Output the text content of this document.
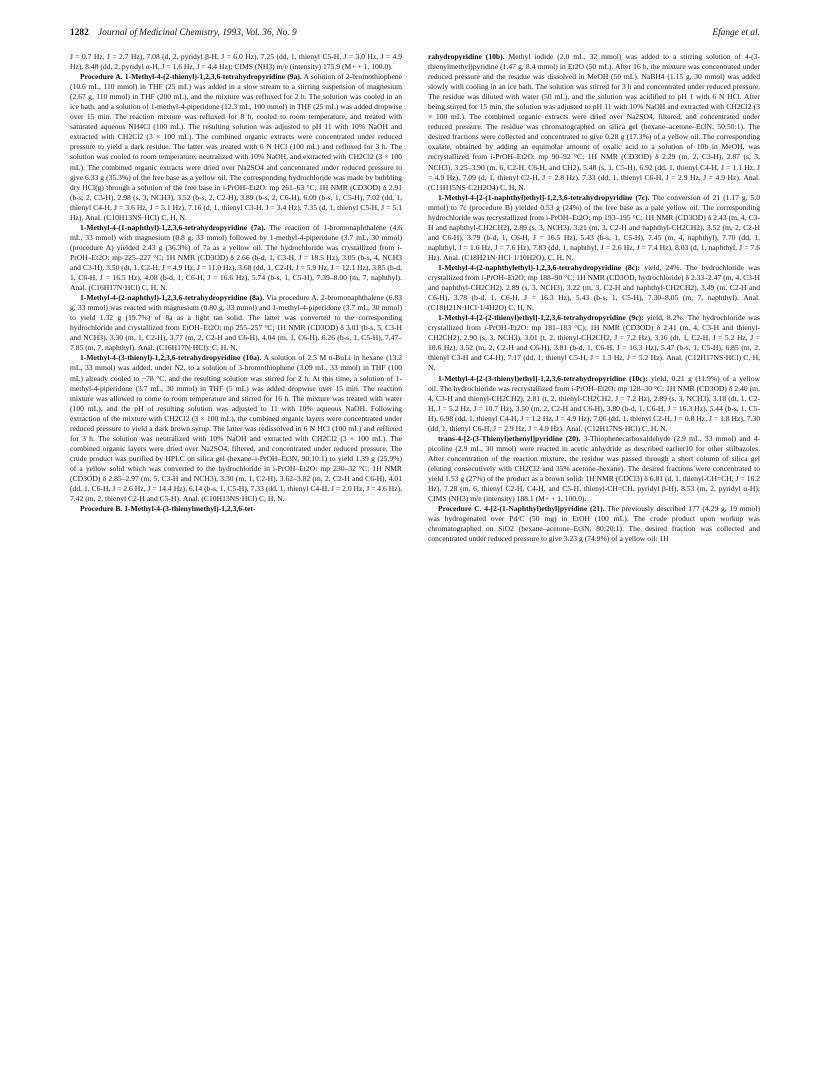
1282 Journal of Medicinal Chemistry, 1993, Vol. 36, No. 9	Efange et al.

J = 0.7 Hz, J = 2.7 Hz), 7.08 (d, 2, pyridyl β-H, J = 6.0 Hz), 7.25 (dd, 1, thienyl C5-H, J = 3.0 Hz, J = 4.9 Hz), 8.48 (dd, 2, pyridyl α-H, J = 1.6 Hz, J = 4.4 Hz); CIMS (NH3) m/e (intensity) 175.9 (M+ + 1, 100.0).

Procedure A. 1-Methyl-4-(2-thienyl)-1,2,3,6-tetrahydropyridine (9a). A solution of 2-bromothiophene (10.6 mL, 110 mmol) in THF (25 mL) was added in a slow stream to a stirring suspension of magnesium (2.67 g, 110 mmol) in THF (200 mL), and the mixture was refluxed for 2 h. The solution was cooled in an ice bath, and a solution of 1-methyl-4-piperidone (12.3 mL, 100 mmol) in THF (25 mL) was added dropwise over 15 min. The reaction mixture was refluxed for 8 h, cooled to room temperature, and treated with saturated aqueous NH4Cl (100 mL). The resulting solution was adjusted to pH 11 with 10% NaOH and extracted with CH2Cl2 (3 × 100 mL). The combined organic extracts were concentrated under reduced pressure to yield a dark residue. The latter was treated with 6 N HCl (100 mL) and refluxed for 3 h. The solution was cooled to room temperature, neutralized with 10% NaOH, and extracted with CH2Cl2 (3 × 100 mL). The combined organic extracts were dried over Na2SO4 and concentrated under reduced pressure to give 6.33 g (35.3%) of the free base as a yellow oil. The corresponding hydrochloride was made by bubbling dry HCl(g) through a solution of the free base in i-PrOH–Et2O: mp 261–63 °C; 1H NMR (CD3OD) δ 2.91 (b-s, 2, C3-H), 2.98 (s, 3, NCH3), 3.52 (b-s, 2, C2-H), 3.89 (b-s, 2, C6-H), 6.09 (b-s, 1, C5-H), 7.02 (dd, 1, thienyl C4-H, J = 3.6 Hz, J = 5.1 Hz), 7.16 (d, 1, thienyl C3-H, J = 3.4 Hz), 7.35 (d, 1, thienyl C5-H, J = 5.1 Hz). Anal. (C10H13NS·HCl) C, H, N.

1-Methyl-4-(1-naphthyl)-1,2,3,6-tetrahydropyridine (7a). The reaction of 1-bromonaphthalene (4.6 mL, 33 mmol) with magnesium (0.8 g, 33 mmol) followed by 1-methyl-4-piperidone (3.7 mL, 30 mmol) (procedure A) yielded 2.43 g (36.3%) of 7a as a yellow oil. The hydrochloride was crystallized from i-PrOH–Et2O: mp 225–227 °C; 1H NMR (CD3OD) δ 2.66 (b-d, 1, C3-H, J = 18.5 Hz), 3.05 (b-s, 4, NCH3 and C3-H), 3.50 (dt, 1, C2-H, J = 4.9 Hz, J = 11.0 Hz), 3.68 (dd, 1, C2-H, J = 5.9 Hz, J = 12.1 Hz), 3.85 (b-d, 1, C6-H, J = 16.5 Hz), 4.08 (b-d, 1, C6-H, J = 16.6 Hz), 5.74 (b-s, 1, C5-H), 7.39–8.00 (m, 7, naphthyl). Anal. (C16H17N·HCl) C, H, N.

1-Methyl-4-(2-naphthyl)-1,2,3,6-tetrahydropyridine (8a). Via procedure A, 2-bromonaphthalene (6.83 g, 33 mmol) was reacted with magnesium (0.80 g, 33 mmol) and 1-methyl-4-piperidone (3.7 mL, 30 mmol) to yield 1.32 g (19.7%) of 8a as a light tan solid. The latter was converted to the corresponding hydrochloride and crystallized from EtOH–Et2O: mp 255–257 °C; 1H NMR (CD3OD) δ 3.01 (b-s, 5, C3-H and NCH3), 3.30 (m, 1, C2-H), 3.77 (m, 2, C2-H and C6-H), 4.04 (m, 1, C6-H), 6.26 (b-s, 1, C5-H), 7.47–7.85 (m, 7, naphthyl). Anal. (C16H17N·HCl): C, H, N.

1-Methyl-4-(3-thienyl)-1,2,3,6-tetrahydropyridine (10a). A solution of 2.5 M n-BuLi in hexane (13.2 mL, 33 mmol) was added, under N2, to a solution of 3-bromothiophene (3.09 mL, 33 mmol) in THF (100 mL) already cooled to −78 °C, and the resulting solution was stirred for 2 h. At this time, a solution of 1-methyl-4-piperidone (3.7 mL, 30 mmol) in THF (5 mL) was added dropwise over 15 min. The reaction mixture was allowed to come to room temperature and stirred for 16 h. The mixture was treated with water (100 mL), and the pH of resulting solution was adjusted to 11 with 10% aqueous NaOH. Following extraction of the mixture with CH2Cl2 (3 × 100 mL), the combined organic layers were concentrated under reduced pressure to yield a dark brown syrup. The latter was redissolved in 6 N HCl (100 mL) and refluxed for 3 h. The solution was neutralized with 10% NaOH and extracted with CH2Cl2 (3 × 100 mL). The combined organic layers were dried over Na2SO4, filtered, and concentrated under reduced pressure. The crude product was purified by HPLC on silica gel (hexane–i-PrOH–Et3N, 90:10:1) to yield 1.39 g (25.9%) of a yellow solid which was converted to the hydrochloride in i-PrOH–Et2O: mp 230–32 °C; 1H NMR (CD3OD) δ 2.85–2.97 (m, 5, C3-H and NCH3), 3.30 (m, 1, C2-H), 3.62–3.82 (m, 2, C2-H and C6-H), 4.01 (dd, 1, C6-H, J = 2.6 Hz, J = 14.4 Hz), 6.14 (b-s, 1, C5-H), 7.33 (dd, 1, thienyl C4-H, J = 2.0 Hz, J = 4.6 Hz), 7.42 (m, 2, thienyl C2-H and C5-H). Anal. (C10H13NS·HCl) C, H, N.

Procedure B. 1-Methyl-4-(3-thienylmethyl)-1,2,3,6-tet-

rahydropyridine (10b). Methyl iodide (2.0 mL, 32 mmol) was added to a stirring solution of 4-(3-thienylmethyl)pyridine (1.47 g, 8.4 mmol) in Et2O (50 mL). After 16 h, the mixture was concentrated under reduced pressure and the residue was dissolved in MeOH (50 mL). NaBH4 (1.15 g, 30 mmol) was added slowly with cooling in an ice bath. The solution was stirred for 3 h and concentrated under reduced pressure. The residue was diluted with water (50 mL), and the solution was acidified to pH 1 with 6 N HCl. After being stirred for 15 min, the solution was adjusted to pH 11 with 10% NaOH and extracted with CH2Cl2 (3 × 100 mL). The combined organic extracts were dried over Na2SO4, filtered, and concentrated under reduced pressure. The residue was chromatographed on silica gel (hexane–acetone–Et3N, 50:50:1). The desired fractions were collected and concentrated to give 0.28 g (17.3%) of a yellow oil. The corresponding oxalate, obtained by adding an equimolar amount of oxalic acid to a solution of 10b in MeOH, was recrystallized from i-PrOH–Et2O: mp 90–92 °C; 1H NMR (CD3OD) δ 2.29 (m, 2, C3-H), 2.87 (s, 3, NCH3), 3.25–3.90 (m, 6, C2-H, C6-H, and CH2), 5.48 (s, 1, C5-H), 6.92 (dd, 1, thienyl C4-H, J = 1.1 Hz, J = 4.9 Hz), 7.09 (d, 1, thienyl C2-H, J = 2.8 Hz), 7.33 (dd, 1, thienyl C6-H, J = 2.9 Hz, J = 4.9 Hz). Anal. (C11H15NS·C2H2O4) C, H, N.

1-Methyl-4-[2-(1-naphthyl)ethyl]-1,2,3,6-tetrahydropyridine (7c). The conversion of 21 (1.17 g, 5.0 mmol) to 7c (procedure B) yielded 0.53 g (24%) of the free base as a pale yellow oil. The corresponding hydrochloride was recrystallized from i-PrOH–Et2O: mp 193–195 °C; 1H NMR (CD3OD) δ 2.43 (m, 4, C3-H and naphthyl-CH2CH2), 2.89 (s, 3, NCH3), 3.21 (m, 3, C2-H and naphthyl-CH2CH2), 3.52 (m, 2, C2-H and C6-H), 3.79 (b-d, 1, C6-H, J = 16.5 Hz), 5.43 (b-s, 1, C5-H), 7.45 (m, 4, naphthyl), 7.70 (dd, 1, naphthyl, J = 1.6 Hz, J = 7.6 Hz), 7.83 (dd, 1, naphthyl, J = 2.6 Hz, J = 7.4 Hz), 8.03 (d, 1, naphthyl, J = 7.6 Hz). Anal. (C18H21N·HCl·1/10H2O), C, H, N.

1-Methyl-4-(2-naphthylethyl)-1,2,3,6-tetrahydropyridine (8c): yield, 24%. The hydrochloride was crystallized from i-PrOH–Et2O: mp 188–90 °C; 1H NMR (CD3OD, hydrochloride) δ 2.33–2.47 (m, 4, C3-H and naphthyl-CH2CH2), 2.89 (s, 3, NCH3), 3.22 (m, 3, C2-H and naphthyl-CH2CH2), 3.49 (m, C2-H and C6-H), 3.78 (b-d, 1, C6-H, J = 16.3 Hz), 5.43 (b-s, 1, C5-H), 7.30–8.05 (m, 7, naphthyl). Anal. (C18H21N·HCl·1/4H2O) C, H, N.

1-Methyl-4-[2-(2-thienyl)ethyl]-1,2,3,6-tetrahydropyridine (9c): yield, 8.2%. The hydrochloride was crystallized from i-PrOH–Et2O: mp 181–183 °C); 1H NMR (CD3OD) δ 2.41 (m, 4, C3-H and thienyl-CH2CH2), 2.90 (s, 3, NCH3), 3.01 (t, 2, thienyl-CH2CH2, J = 7.2 Hz), 3.16 (dt, 1, C2-H, J = 5.2 Hz, J = 10.6 Hz), 3.52 (m, 2, C2-H and C6-H), 3.81 (b-d, 1, C6-H, J = 16.3 Hz), 5.47 (b-s, 1, C5-H), 6.85 (m, 2, thienyl C3-H and C4-H), 7.17 (dd, 1, thienyl C5-H, J = 1.3 Hz, J = 5.2 Hz). Anal. (C12H17NS·HCl) C, H, N.

1-Methyl-4-[2-(3-thienyl)ethyl]-1,2,3,6-tetrahydropyridine (10c): yield, 0.21 g (11.9%) of a yellow oil. The hydrochloride was recrystallized from i-PrOH–Et2O: mp 128–30 °C; 1H NMR (CD3OD) δ 2.40 (m, 4, C3-H and thienyl-CH2CH2), 2.81 (t, 2, thienyl-CH2CH2, J = 7.2 Hz), 2.89 (s, 3, NCH3), 3.18 (dt, 1, C2-H, J = 5.2 Hz, J = 10.7 Hz), 3.50 (m, 2, C2-H and C6-H), 3.80 (b-d, 1, C6-H, J = 16.3 Hz), 5.44 (b-s, 1, C5-H), 6.98 (dd, 1, thienyl C4-H, J = 1.2 Hz, J = 4.9 Hz), 7.06 (dd, 1, thienyl C2-H, J = 0.8 Hz, J = 1.8 Hz), 7.30 (dd, 1, thienyl C6-H, J = 2.9 Hz, J = 4.9 Hz). Anal. (C12H17NS·HCl) C, H, N.

trans-4-[2-(3-Thienyl)ethenyl]pyridine (20). 3-Thiophenecarboxaldehyde (2.9 mL, 33 mmol) and 4-picoline (2.9 mL, 30 mmol) were reacted in acetic anhydride as described earlier10 for other stilbazoles. After concentration of the reaction mixture, the residue was passed through a short column of silica gel (eluting consecutively with CH2Cl2 and 35% acetone–hexane). The desired fractions were concentrated to yield 1.53 g (27%) of the product as a brown solid: 1H NMR (CDCl3) δ 6.81 (d, 1, thienyl-CH=CH, J = 16.2 Hz), 7.28 (m, 6, thienyl C2-H, C4-H, and C5-H, thienyl-CH=CH, pyridyl β-H), 8.53 (m, 2, pyridyl α-H); CIMS (NH3) m/e (intensity) 188.1 (M+ + 1, 100.0).

Procedure C. 4-[2-(1-Naphthyl)ethyl]pyridine (21). The previously described 177 (4.29 g, 19 mmol) was hydrogenated over Pd/C (50 mg) in EtOH (100 mL). The crude product upon workup was chromatographed on SiO2 (hexane–acetone–Et3N, 80:20:1). The desired fraction was collected and concentrated under reduced pressure to give 3.23 g (74.9%) of a yellow oil: 1H
